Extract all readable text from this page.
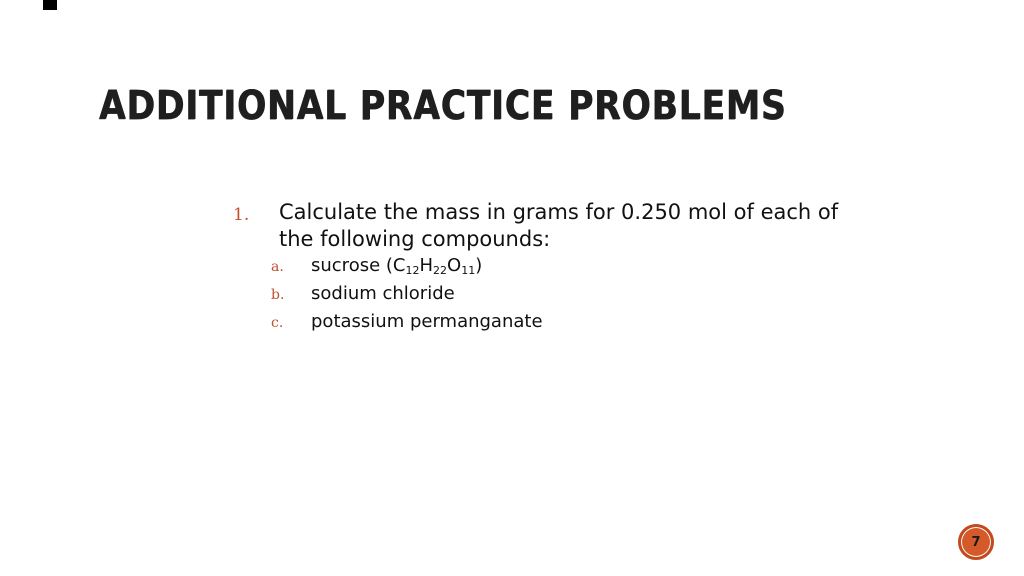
ADDITIONAL PRACTICE PROBLEMS
1.	Calculate the mass in grams for 0.250 mol of each of the following compounds:

a.	sucrose $(C_{12}H_{22}O_{11})$
b.	sodium chloride
c.	potassium permanganate
7
